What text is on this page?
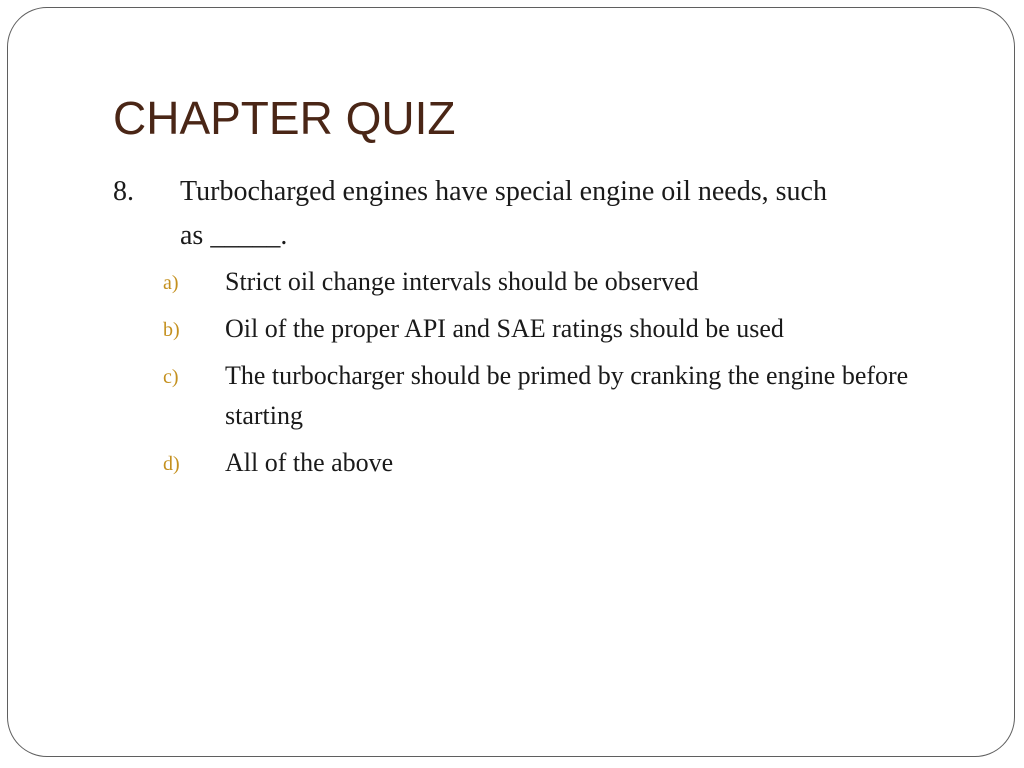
CHAPTER QUIZ
8. Turbocharged engines have special engine oil needs, such
as _____.
a) Strict oil change intervals should be observed
b) Oil of the proper API and SAE ratings should be used
c) The turbocharger should be primed by cranking the engine before starting
d) All of the above
